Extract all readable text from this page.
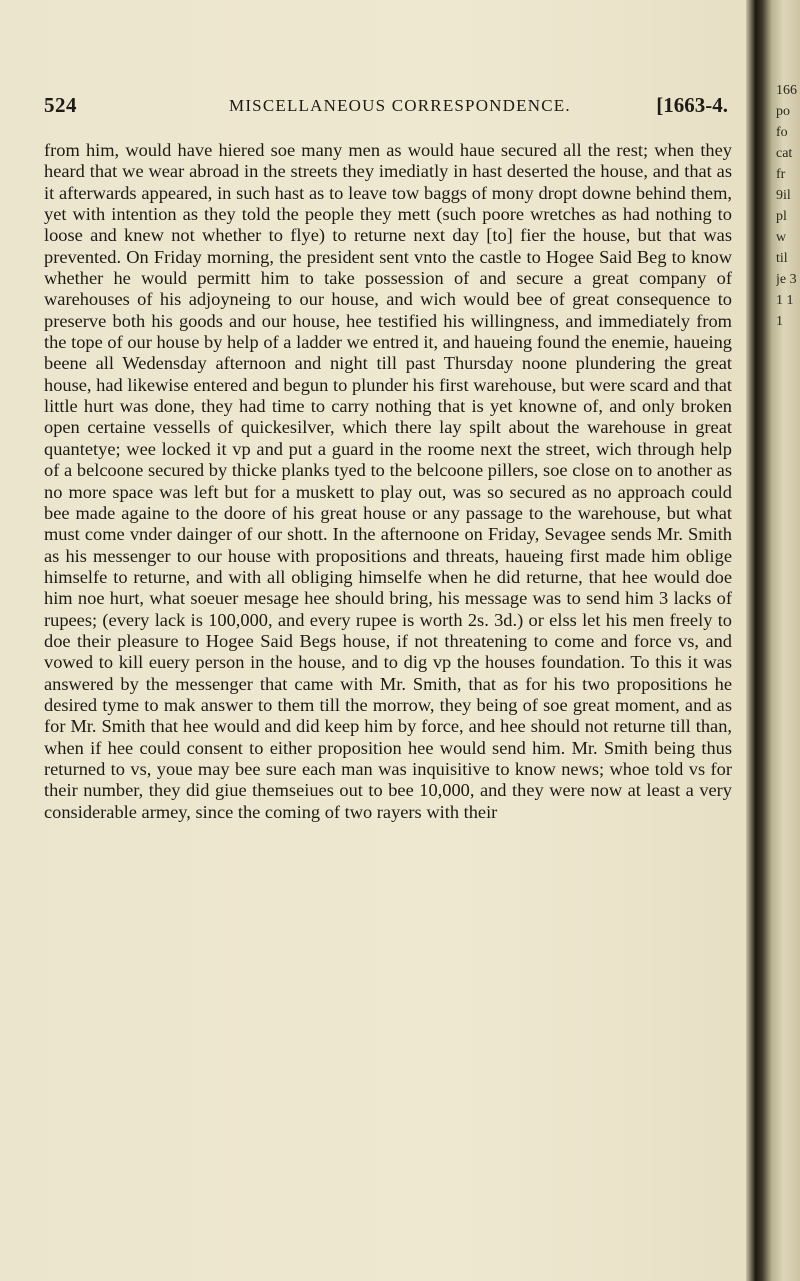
524	MISCELLANEOUS CORRESPONDENCE.	[1663-4.

from him, would have hiered soe many men as would haue secured all the rest; when they heard that we wear abroad in the streets they imediatly in hast deserted the house, and that as it afterwards appeared, in such hast as to leave tow baggs of mony dropt downe behind them, yet with intention as they told the people they mett (such poore wretches as had nothing to loose and knew not whether to flye) to returne next day [to] fier the house, but that was prevented. On Friday morning, the president sent vnto the castle to Hogee Said Beg to know whether he would permitt him to take possession of and secure a great company of warehouses of his adjoyneing to our house, and wich would bee of great consequence to preserve both his goods and our house, hee testified his willingness, and immediately from the tope of our house by help of a ladder we entred it, and haueing found the enemie, haueing beene all Wedensday afternoon and night till past Thursday noone plundering the great house, had likewise entered and begun to plunder his first warehouse, but were scard and that little hurt was done, they had time to carry nothing that is yet knowne of, and only broken open certaine vessells of quickesilver, which there lay spilt about the warehouse in great quantetye; wee locked it vp and put a guard in the roome next the street, wich through help of a belcoone secured by thicke planks tyed to the belcoone pillers, soe close on to another as no more space was left but for a muskett to play out, was so secured as no approach could bee made againe to the doore of his great house or any passage to the warehouse, but what must come vnder dainger of our shott. In the afternoone on Friday, Sevagee sends Mr. Smith as his messenger to our house with propositions and threats, haueing first made him oblige himselfe to returne, and with all obliging himselfe when he did returne, that hee would doe him noe hurt, what soeuer mesage hee should bring, his message was to send him 3 lacks of rupees; (every lack is 100,000, and every rupee is worth 2s. 3d.) or elss let his men freely to doe their pleasure to Hogee Said Begs house, if not threatening to come and force vs, and vowed to kill euery person in the house, and to dig vp the houses foundation. To this it was answered by the messenger that came with Mr. Smith, that as for his two propositions he desired tyme to mak answer to them till the morrow, they being of soe great moment, and as for Mr. Smith that hee would and did keep him by force, and hee should not returne till than, when if hee could consent to either proposition hee would send him. Mr. Smith being thus returned to vs, youe may bee sure each man was inquisitive to know news; whoe told vs for their number, they did giue themseiues out to bee 10,000, and they were now at least a very considerable armey, since the coming of two rayers with their

166 po fo cat fr 9il pl w til je 3 1 1 1
